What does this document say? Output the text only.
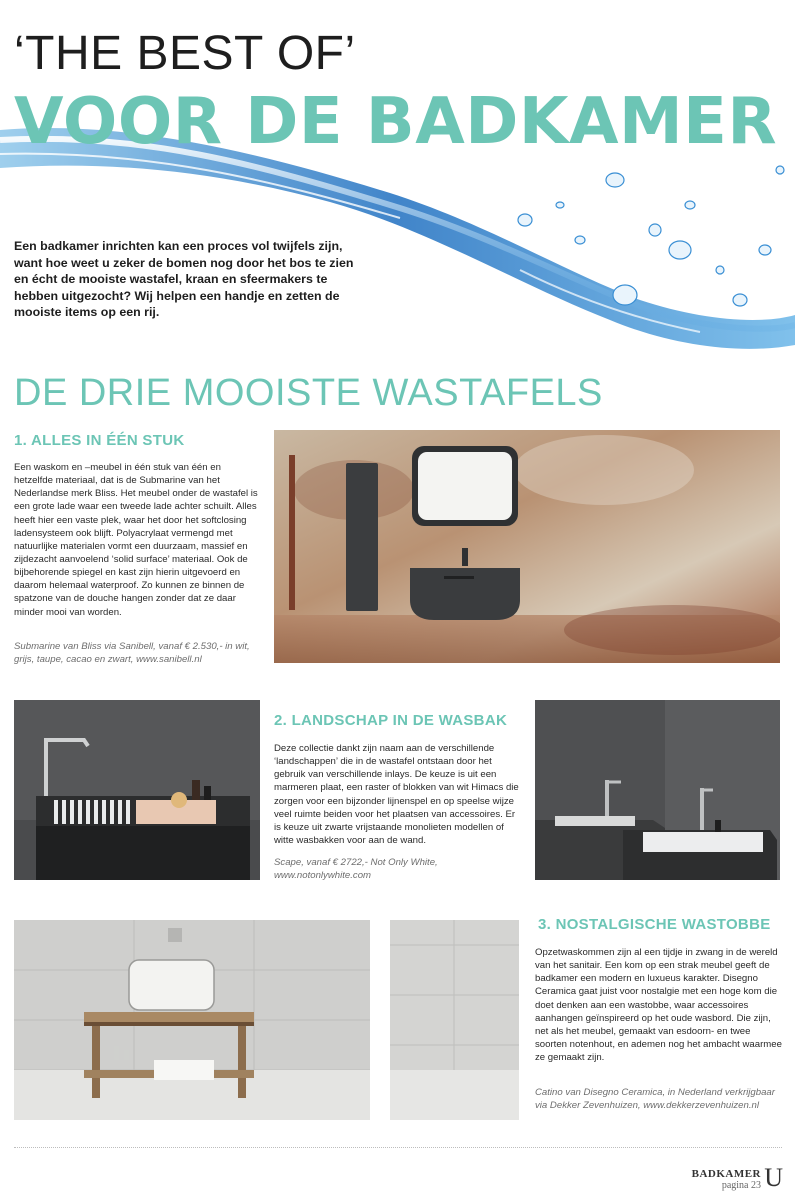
‘THE BEST OF’
VOOR DE BADKAMER
Een badkamer inrichten kan een proces vol twijfels zijn, want hoe weet u zeker de bomen nog door het bos te zien en écht de mooiste wastafel, kraan en sfeermakers te hebben uitgezocht? Wij helpen een handje en zetten de mooiste items op een rij.
DE DRIE MOOISTE WASTAFELS
1. ALLES IN ÉÉN STUK
Een waskom en –meubel in één stuk van één en hetzelfde materiaal, dat is de Submarine van het Nederlandse merk Bliss. Het meubel onder de wastafel is een grote lade waar een tweede lade achter schuilt. Alles heeft hier een vaste plek, waar het door het softclosing ladensysteem ook blijft. Polyacrylaat vermengd met natuurlijke materialen vormt een duurzaam, massief en zijdezacht aanvoelend ‘solid surface’ materiaal. Ook de bijbehorende spiegel en kast zijn hierin uitgevoerd en daarom helemaal waterproof. Zo kunnen ze binnen de spatzone van de douche hangen zonder dat ze daar minder mooi van worden.
Submarine van Bliss via Sanibell, vanaf € 2.530,- in wit, grijs, taupe, cacao en zwart, www.sanibell.nl
2. LANDSCHAP IN DE WASBAK
Deze collectie dankt zijn naam aan de verschillende ‘landschappen’ die in de wastafel ontstaan door het gebruik van verschillende inlays. De keuze is uit een marmeren plaat, een raster of blokken van wit Himacs die zorgen voor een bijzonder lijnenspel en op speelse wijze veel ruimte beiden voor het plaatsen van accessoires. Er is keuze uit zwarte vrijstaande monolieten modellen of witte wasbakken voor aan de wand.
Scape, vanaf € 2722,- Not Only White, www.notonlywhite.com
3. NOSTALGISCHE WASTOBBE
Opzetwaskommen zijn al een tijdje in zwang in de wereld van het sanitair. Een kom op een strak meubel geeft de badkamer een modern en luxueus karakter. Disegno Ceramica gaat juist voor nostalgie met een hoge kom die doet denken aan een wastobbe, waar accessoires aanhangen geïnspireerd op het oude wasbord. Die zijn, net als het meubel, gemaakt van esdoorn- en twee soorten notenhout, en ademen nog het ambacht waarmee ze gemaakt zijn.
Catino van Disegno Ceramica, in Nederland verkrijgbaar via Dekker Zevenhuizen, www.dekkerzevenhuizen.nl
BADKAMER
pagina 23 U
